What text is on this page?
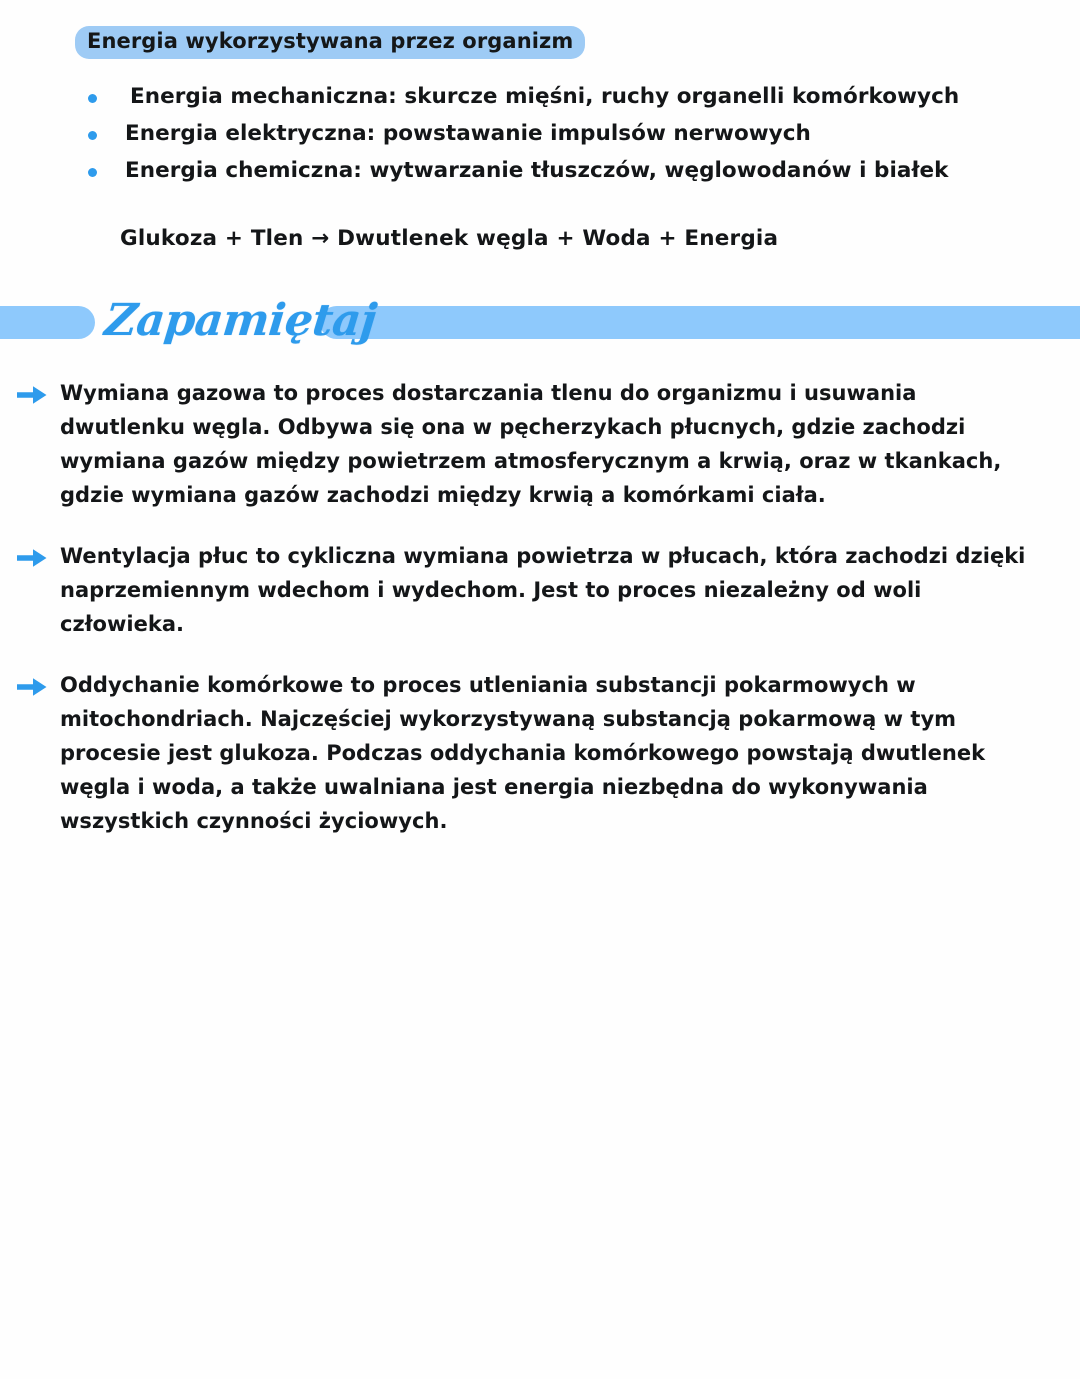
Energia wykorzystywana przez organizm
Energia mechaniczna: skurcze mięśni, ruchy organelli komórkowych
Energia elektryczna: powstawanie impulsów nerwowych
Energia chemiczna: wytwarzanie tłuszczów, węglowodanów i białek
Glukoza + Tlen → Dwutlenek węgla + Woda + Energia
Zapamiętaj
Wymiana gazowa to proces dostarczania tlenu do organizmu i usuwania dwutlenku węgla. Odbywa się ona w pęcherzykach płucnych, gdzie zachodzi wymiana gazów między powietrzem atmosferycznym a krwią, oraz w tkankach, gdzie wymiana gazów zachodzi między krwią a komórkami ciała.
Wentylacja płuc to cykliczna wymiana powietrza w płucach, która zachodzi dzięki naprzemiennym wdechom i wydechom. Jest to proces niezależny od woli człowieka.
Oddychanie komórkowe to proces utleniania substancji pokarmowych w mitochondriach. Najczęściej wykorzystywaną substancją pokarmową w tym procesie jest glukoza. Podczas oddychania komórkowego powstają dwutlenek węgla i woda, a także uwalniana jest energia niezbędna do wykonywania wszystkich czynności życiowych.
